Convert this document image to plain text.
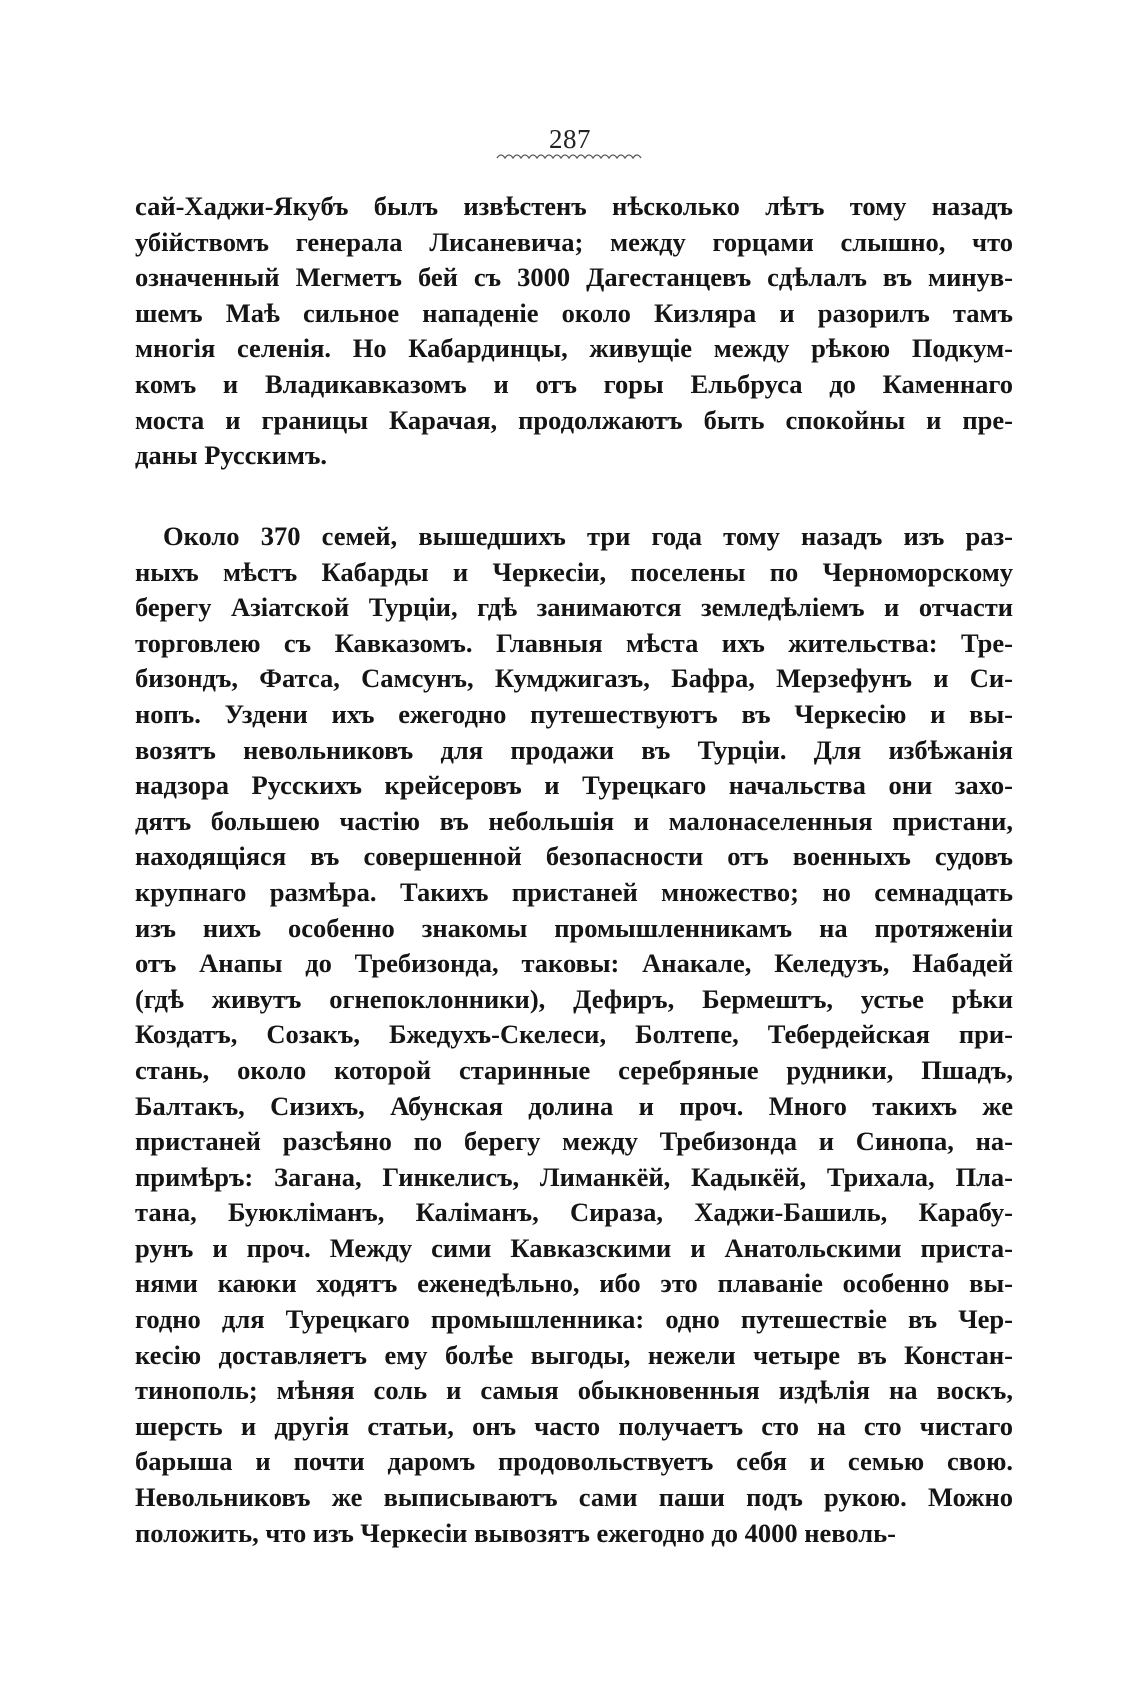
287
сай-Хаджи-Якубъ былъ извѣстенъ нѣсколько лѣтъ тому назадъ
убійствомъ генерала Лисаневича; между горцами слышно, что
означенный Мегметъ бей съ 3000 Дагестанцевъ сдѣлалъ въ минув-
шемъ Маѣ сильное нападеніе около Кизляра и разорилъ тамъ
многія селенія. Но Кабардинцы, живущіе между рѣкою Подкум-
комъ и Владикавказомъ и отъ горы Ельбруса до Каменнаго
моста и границы Карачая, продолжаютъ быть спокойны и пре-
даны Русскимъ.
Около 370 семей, вышедшихъ три года тому назадъ изъ раз-
ныхъ мѣстъ Кабарды и Черкесіи, поселены по Черноморскому
берегу Азіатской Турціи, гдѣ занимаются земледѣліемъ и отчасти
торговлею съ Кавказомъ. Главныя мѣста ихъ жительства: Тре-
бизондъ, Фатса, Самсунъ, Кумджигазъ, Бафра, Мерзефунъ и Си-
нопъ. Уздени ихъ ежегодно путешествуютъ въ Черкесію и вы-
возятъ невольниковъ для продажи въ Турціи. Для избѣжанія
надзора Русскихъ крейсеровъ и Турецкаго начальства они захо-
дятъ большею частію въ небольшія и малонаселенныя пристани,
находящіяся въ совершенной безопасности отъ военныхъ судовъ
крупнаго размѣра. Такихъ пристаней множество; но семнадцать
изъ нихъ особенно знакомы промышленникамъ на протяженіи
отъ Анапы до Требизонда, таковы: Анакале, Келедузъ, Набадей
(гдѣ живутъ огнепоклонники), Дефиръ, Бермештъ, устье рѣки
Коздатъ, Созакъ, Бжедухъ-Скелеси, Болтепе, Тебердейская при-
стань, около которой старинные серебряные рудники, Пшадъ,
Балтакъ, Сизихъ, Абунская долина и проч. Много такихъ же
пристаней разсѣяно по берегу между Требизонда и Синопа, на-
примѣръ: Загана, Гинкелисъ, Лиманкёй, Кадыкёй, Трихала, Пла-
тана, Буюкліманъ, Каліманъ, Сираза, Хаджи-Башиль, Карабу-
рунъ и проч. Между сими Кавказскими и Анатольскими приста-
нями каюки ходятъ еженедѣльно, ибо это плаваніе особенно вы-
годно для Турецкаго промышленника: одно путешествіе въ Чер-
кесію доставляетъ ему болѣе выгоды, нежели четыре въ Констан-
тинополь; мѣняя соль и самыя обыкновенныя издѣлія на воскъ,
шерсть и другія статьи, онъ часто получаетъ сто на сто чистаго
барыша и почти даромъ продовольствуетъ себя и семью свою.
Невольниковъ же выписываютъ сами паши подъ рукою. Можно
положить, что изъ Черкесіи вывозятъ ежегодно до 4000 неволь-
